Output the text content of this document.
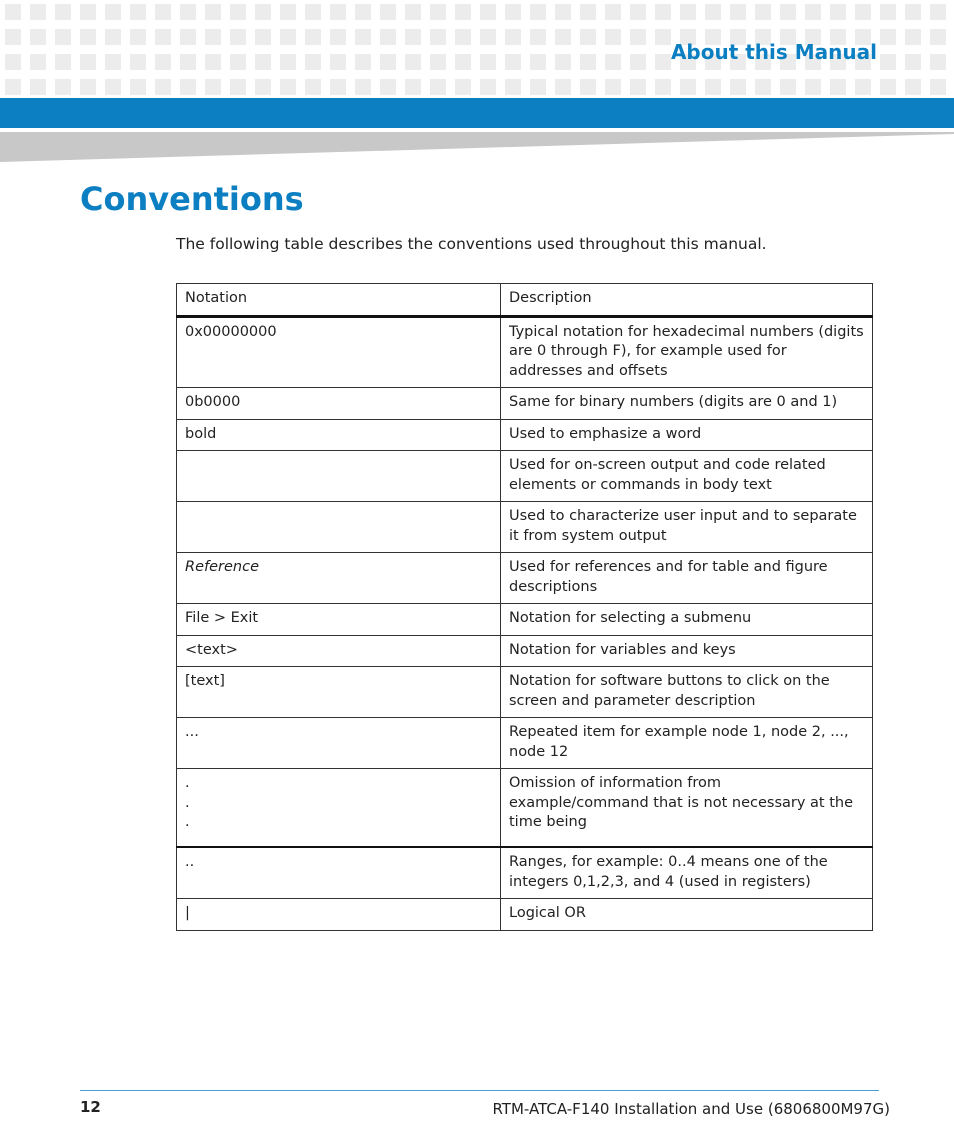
About this Manual
Conventions

The following table describes the conventions used throughout this manual.

Notation	Description
0x00000000	Typical notation for hexadecimal numbers (digits are 0 through F), for example used for addresses and offsets
0b0000	Same for binary numbers (digits are 0 and 1)
bold	Used to emphasize a word
	Used for on-screen output and code related elements or commands in body text
	Used to characterize user input and to separate it from system output
Reference	Used for references and for table and figure descriptions
File > Exit	Notation for selecting a submenu
<text>	Notation for variables and keys
[text]	Notation for software buttons to click on the screen and parameter description
...	Repeated item for example node 1, node 2, ..., node 12
.
.
.	Omission of information from example/command that is not necessary at the time being
..	Ranges, for example: 0..4 means one of the integers 0,1,2,3, and 4 (used in registers)
|	Logical OR
12	RTM-ATCA-F140 Installation and Use (6806800M97G)
